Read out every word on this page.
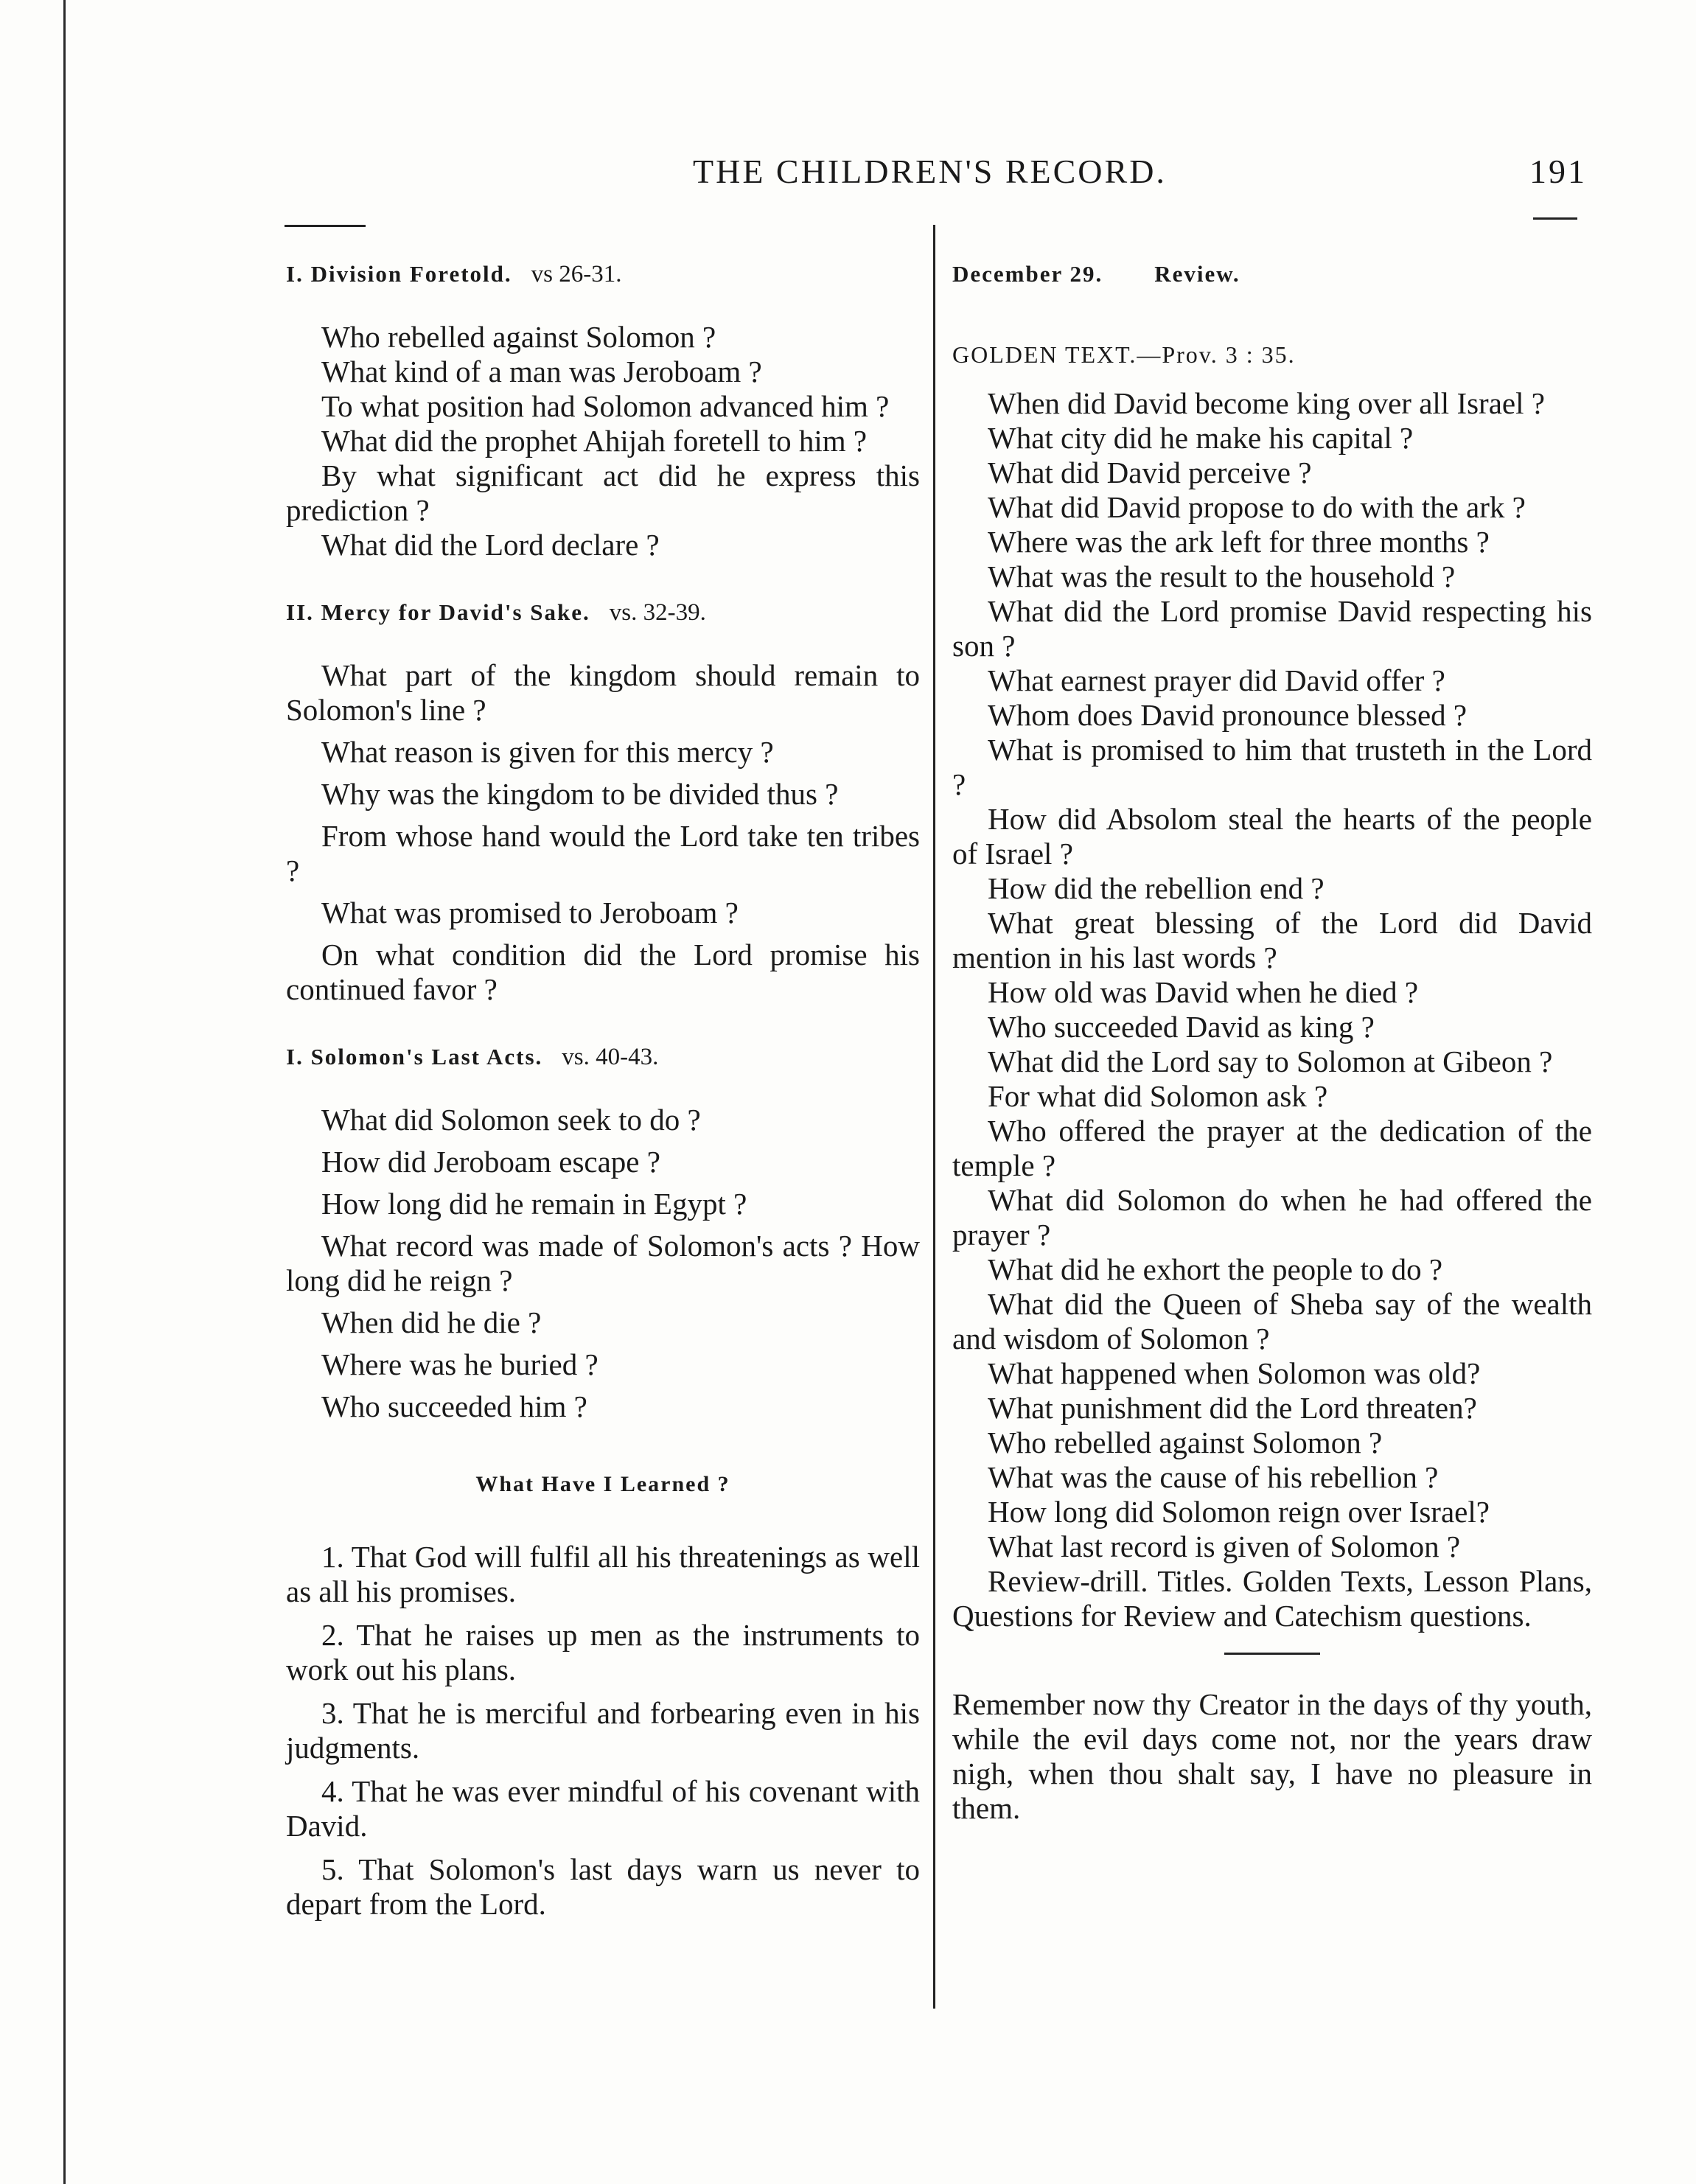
THE CHILDREN'S RECORD.	191
I. Division Foretold. vs 26-31.
Who rebelled against Solomon ?
What kind of a man was Jeroboam ?
To what position had Solomon advanced him ?
What did the prophet Ahijah foretell to him ?
By what significant act did he express this prediction ?
What did the Lord declare ?
II. Mercy for David's Sake. vs. 32-39.
What part of the kingdom should remain to Solomon's line ?
What reason is given for this mercy ?
Why was the kingdom to be divided thus ?
From whose hand would the Lord take ten tribes ?
What was promised to Jeroboam ?
On what condition did the Lord promise his continued favor ?
I. Solomon's Last Acts. vs. 40-43.
What did Solomon seek to do ?
How did Jeroboam escape ?
How long did he remain in Egypt ?
What record was made of Solomon's acts ? How long did he reign ?
When did he die ?
Where was he buried ?
Who succeeded him ?
What Have I Learned ?
1. That God will fulfil all his threatenings as well as all his promises.
2. That he raises up men as the instruments to work out his plans.
3. That he is merciful and forbearing even in his judgments.
4. That he was ever mindful of his covenant with David.
5. That Solomon's last days warn us never to depart from the Lord.
December 29. Review.
GOLDEN TEXT.—Prov. 3 : 35.
When did David become king over all Israel ?
What city did he make his capital ?
What did David perceive ?
What did David propose to do with the ark ?
Where was the ark left for three months ?
What was the result to the household ?
What did the Lord promise David respecting his son ?
What earnest prayer did David offer ?
Whom does David pronounce blessed ?
What is promised to him that trusteth in the Lord ?
How did Absolom steal the hearts of the people of Israel ?
How did the rebellion end ?
What great blessing of the Lord did David mention in his last words ?
How old was David when he died ?
Who succeeded David as king ?
What did the Lord say to Solomon at Gibeon ?
For what did Solomon ask ?
Who offered the prayer at the dedication of the temple ?
What did Solomon do when he had offered the prayer ?
What did he exhort the people to do ?
What did the Queen of Sheba say of the wealth and wisdom of Solomon ?
What happened when Solomon was old?
What punishment did the Lord threaten?
Who rebelled against Solomon ?
What was the cause of his rebellion ?
How long did Solomon reign over Israel?
What last record is given of Solomon ?
Review-drill. Titles. Golden Texts, Lesson Plans, Questions for Review and Catechism questions.
Remember now thy Creator in the days of thy youth, while the evil days come not, nor the years draw nigh, when thou shalt say, I have no pleasure in them.
